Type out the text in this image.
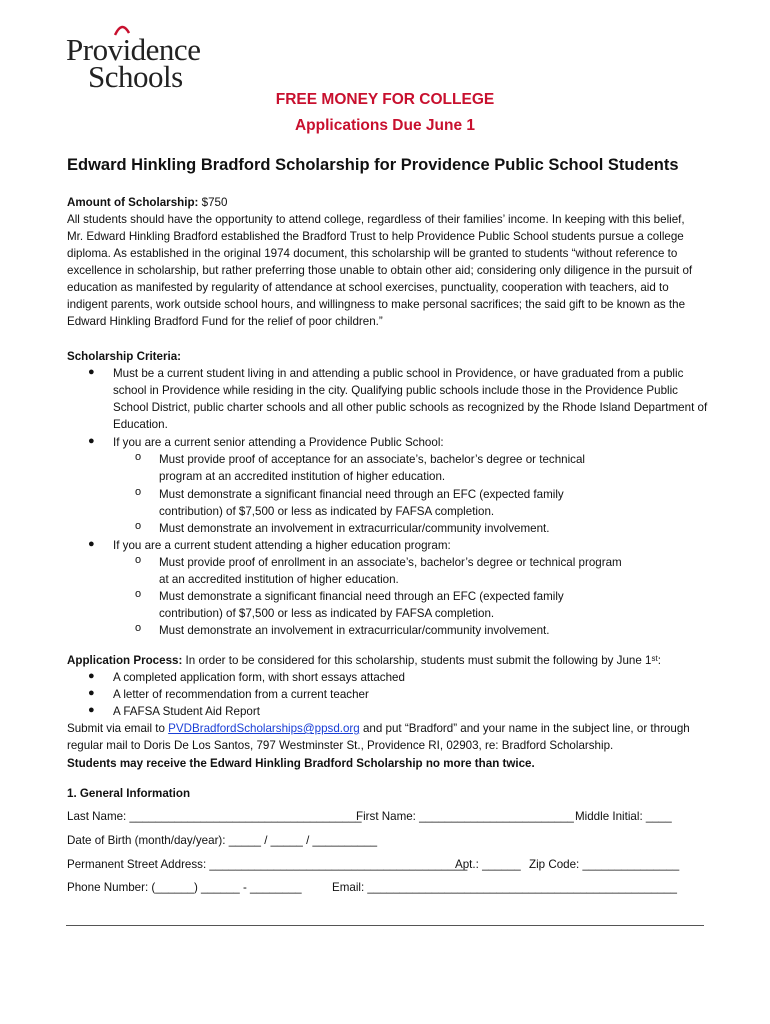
Providence
Schools
FREE MONEY FOR COLLEGE
Applications Due June 1
Edward Hinkling Bradford Scholarship for Providence Public School Students
Amount of Scholarship: $750
All students should have the opportunity to attend college, regardless of their families’ income. In keeping with this belief,
Mr. Edward Hinkling Bradford established the Bradford Trust to help Providence Public School students pursue a college
diploma. As established in the original 1974 document, this scholarship will be granted to students “without reference to
excellence in scholarship, but rather preferring those unable to obtain other aid; considering only diligence in the pursuit of
education as manifested by regularity of attendance at school exercises, punctuality, cooperation with teachers, aid to
indigent parents, work outside school hours, and willingness to make personal sacrifices; the said gift to be known as the
Edward Hinkling Bradford Fund for the relief of poor children.”
Scholarship Criteria:
● Must be a current student living in and attending a public school in Providence, or have graduated from a public
school in Providence while residing in the city. Qualifying public schools include those in the Providence Public
School District, public charter schools and all other public schools as recognized by the Rhode Island Department of
Education.
● If you are a current senior attending a Providence Public School:
o Must provide proof of acceptance for an associate’s, bachelor’s degree or technical
program at an accredited institution of higher education.
o Must demonstrate a significant financial need through an EFC (expected family
contribution) of $7,500 or less as indicated by FAFSA completion.
o Must demonstrate an involvement in extracurricular/community involvement.
● If you are a current student attending a higher education program:
o Must provide proof of enrollment in an associate’s, bachelor’s degree or technical program
at an accredited institution of higher education.
o Must demonstrate a significant financial need through an EFC (expected family
contribution) of $7,500 or less as indicated by FAFSA completion.
o Must demonstrate an involvement in extracurricular/community involvement.
Application Process: In order to be considered for this scholarship, students must submit the following by June 1st:
● A completed application form, with short essays attached
● A letter of recommendation from a current teacher
● A FAFSA Student Aid Report
Submit via email to PVDBradfordScholarships@ppsd.org and put “Bradford” and your name in the subject line, or through
regular mail to Doris De Los Santos, 797 Westminster St., Providence RI, 02903, re: Bradford Scholarship.
Students may receive the Edward Hinkling Bradford Scholarship no more than twice.
1. General Information
Last Name: ____________________________________
First Name: ________________________ Middle Initial: ____
Date of Birth (month/day/year): _____ / _____ / __________
Permanent Street Address: ________________________________________
Apt.: ______ Zip Code: _______________
Phone Number: (______) ______ - ________	Email: ________________________________________________
